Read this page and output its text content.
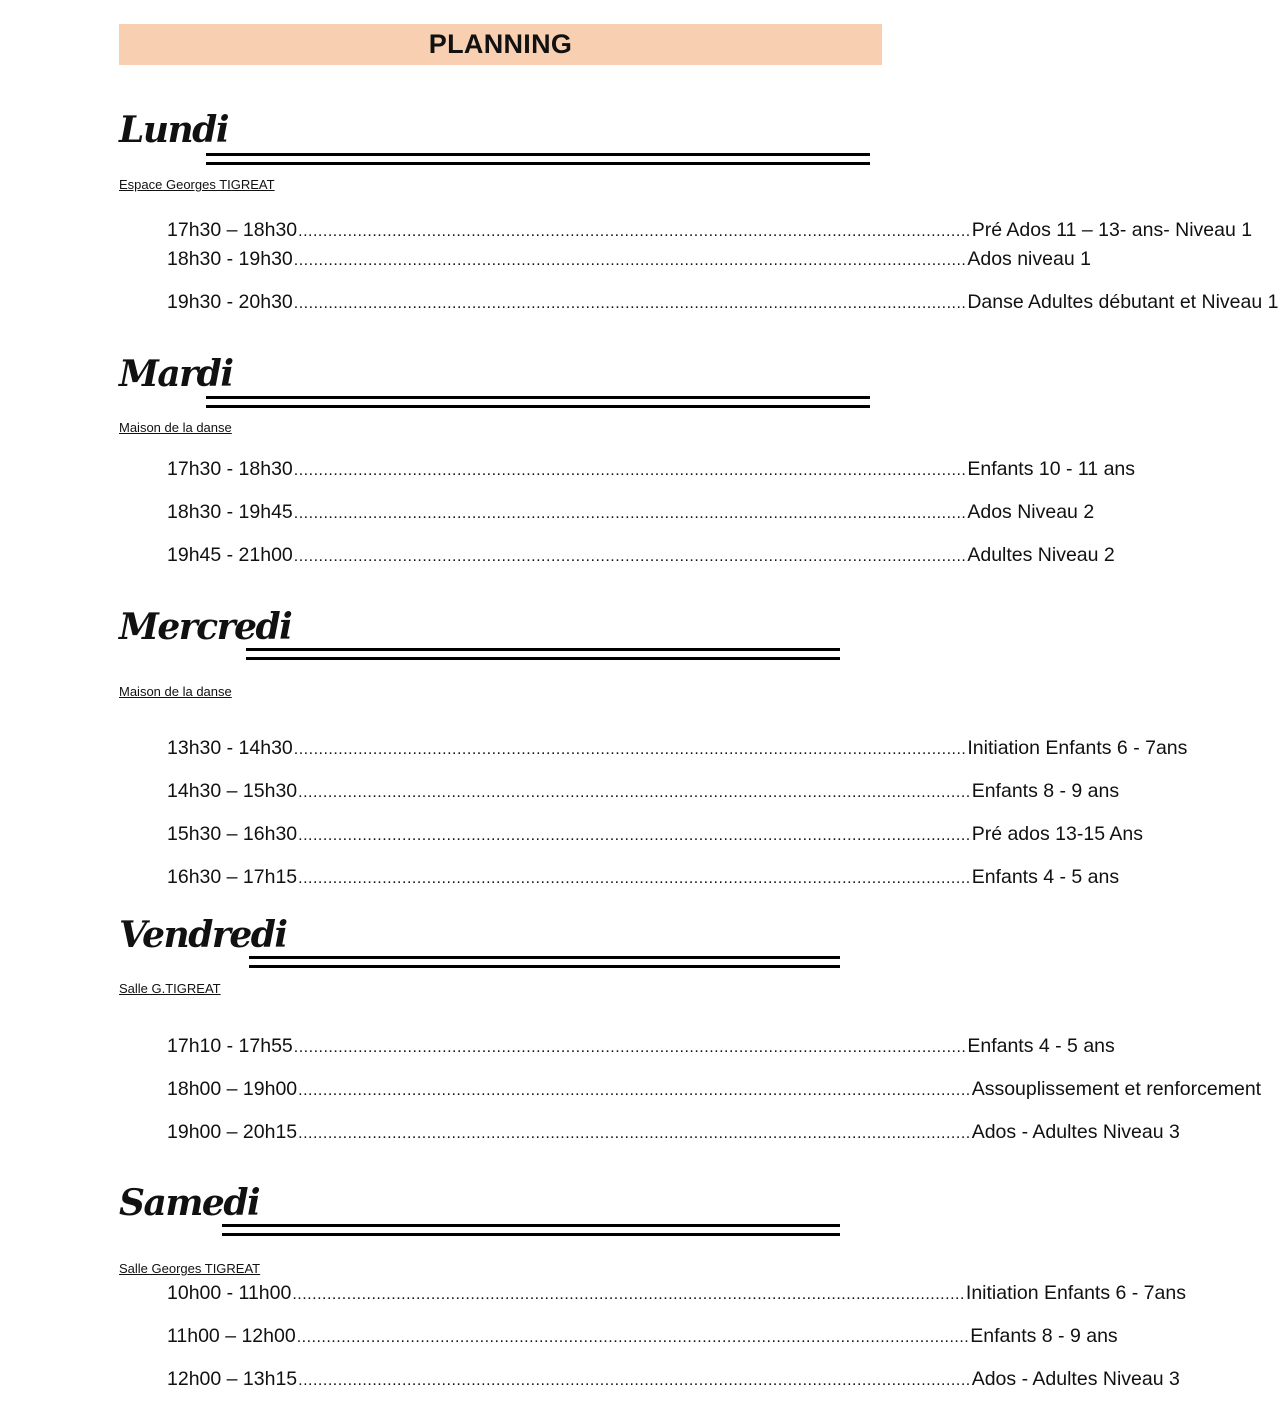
PLANNING
Lundi
Espace Georges TIGREAT
17h30 – 18h30 ........................................................................................................................................ Pré Ados 11 – 13- ans- Niveau 1
18h30 - 19h30 ........................................................................................................................................ Ados niveau 1
19h30 - 20h30 ........................................................................................................................................ Danse Adultes débutant et Niveau 1
Mardi
Maison de la danse
17h30 - 18h30 ........................................................................................................................................ Enfants 10 - 11 ans
18h30 - 19h45 ........................................................................................................................................ Ados Niveau 2
19h45 - 21h00 ........................................................................................................................................ Adultes Niveau 2
Mercredi
Maison de la danse
13h30 - 14h30 ........................................................................................................................................ Initiation Enfants 6 - 7ans
14h30 – 15h30 ........................................................................................................................................ Enfants 8 - 9 ans
15h30 – 16h30 ........................................................................................................................................ Pré ados 13-15 Ans
16h30 – 17h15 ........................................................................................................................................ Enfants 4 - 5 ans
Vendredi
Salle G.TIGREAT
17h10 - 17h55 ........................................................................................................................................ Enfants 4 - 5 ans
18h00 – 19h00 ........................................................................................................................................ Assouplissement et renforcement
19h00 – 20h15 ........................................................................................................................................ Ados - Adultes Niveau 3
Samedi
Salle Georges TIGREAT
10h00 - 11h00 ........................................................................................................................................ Initiation Enfants 6 - 7ans
11h00 – 12h00 ........................................................................................................................................ Enfants 8 - 9 ans
12h00 – 13h15 ........................................................................................................................................ Ados - Adultes Niveau 3
